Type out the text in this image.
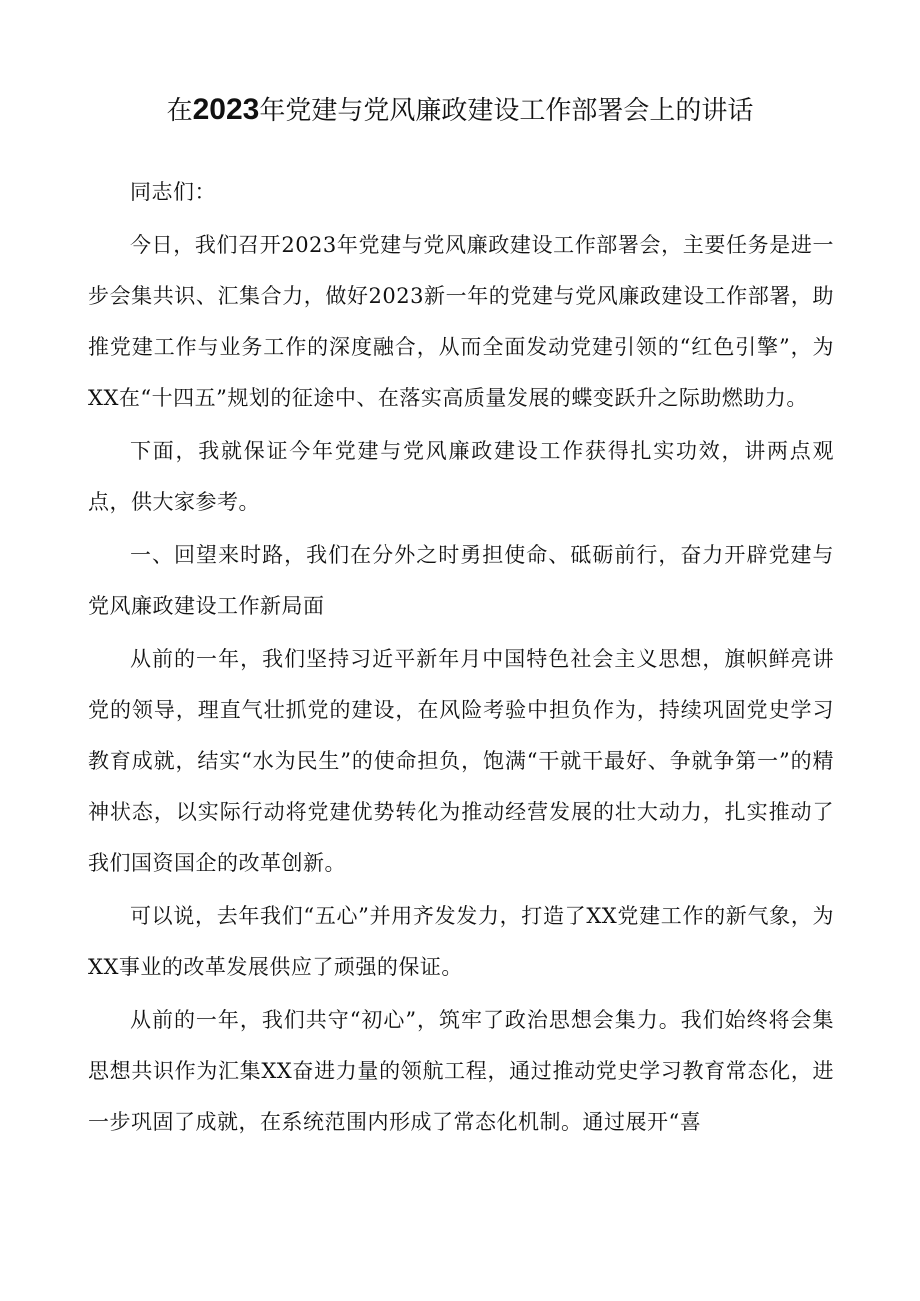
在2023年党建与党风廉政建设工作部署会上的讲话

同志们：

今日，我们召开2023年党建与党风廉政建设工作部署会，主要任务是进一步会集共识、汇集合力，做好2023新一年的党建与党风廉政建设工作部署，助推党建工作与业务工作的深度融合，从而全面发动党建引领的“红色引擎”，为XX在“十四五”规划的征途中、在落实高质量发展的蝶变跃升之际助燃助力。

下面，我就保证今年党建与党风廉政建设工作获得扎实功效，讲两点观点，供大家参考。

一、回望来时路，我们在分外之时勇担使命、砥砺前行，奋力开辟党建与党风廉政建设工作新局面

从前的一年，我们坚持习近平新年月中国特色社会主义思想，旗帜鲜亮讲党的领导，理直气壮抓党的建设，在风险考验中担负作为，持续巩固党史学习教育成就，结实“水为民生”的使命担负，饱满“干就干最好、争就争第一”的精神状态，以实际行动将党建优势转化为推动经营发展的壮大动力，扎实推动了我们国资国企的改革创新。

可以说，去年我们“五心”并用齐发发力，打造了XX党建工作的新气象，为XX事业的改革发展供应了顽强的保证。

从前的一年，我们共守“初心”，筑牢了政治思想会集力。我们始终将会集思想共识作为汇集XX奋进力量的领航工程，通过推动党史学习教育常态化，进一步巩固了成就，在系统范围内形成了常态化机制。通过展开“喜
